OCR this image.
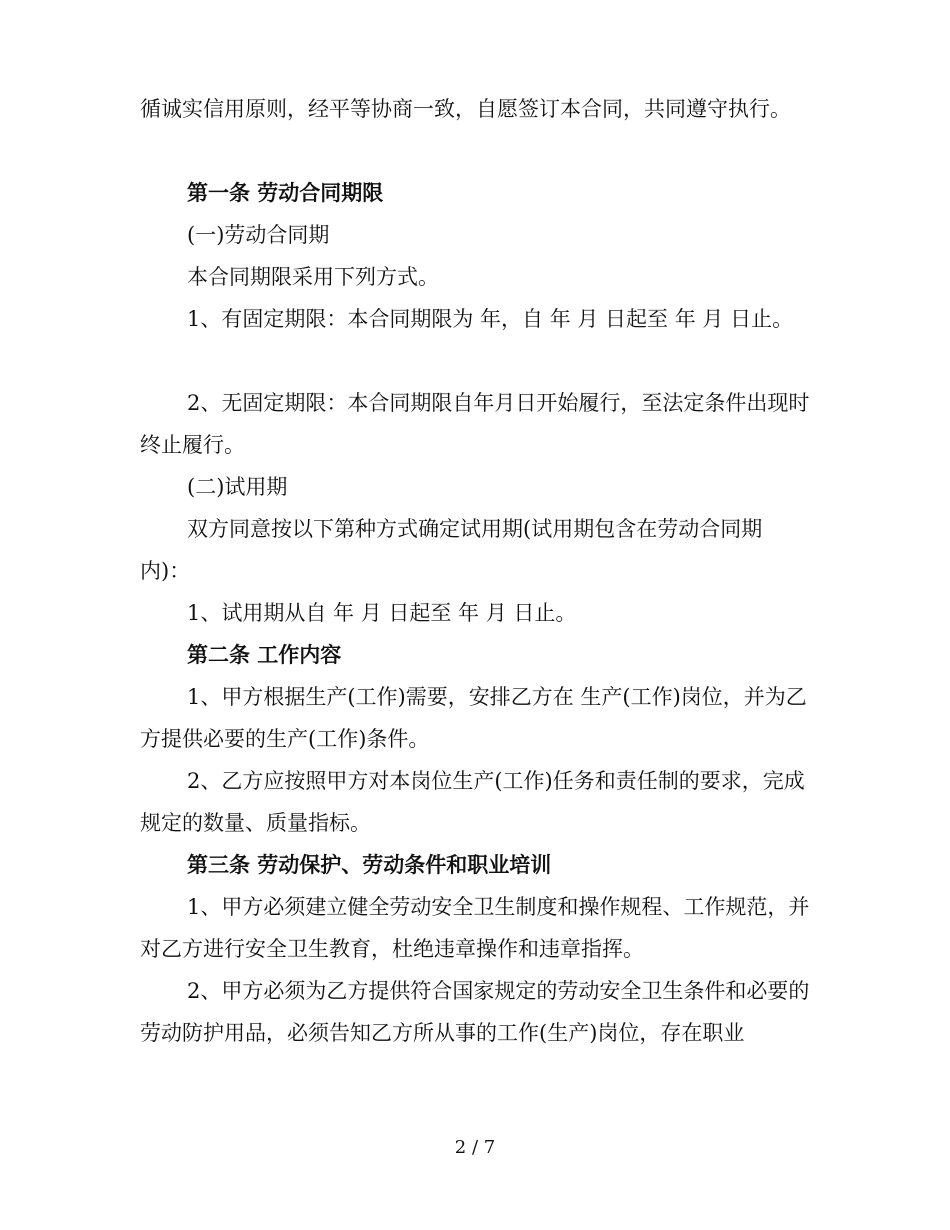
循诚实信用原则，经平等协商一致，自愿签订本合同，共同遵守执行。

第一条 劳动合同期限

(一)劳动合同期

本合同期限采用下列方式。

1、有固定期限：本合同期限为 年，自 年 月 日起至 年 月 日止。

2、无固定期限：本合同期限自年月日开始履行，至法定条件出现时终止履行。

(二)试用期

双方同意按以下第种方式确定试用期(试用期包含在劳动合同期内)：

1、试用期从自 年 月 日起至 年 月 日止。

第二条 工作内容

1、甲方根据生产(工作)需要，安排乙方在 生产(工作)岗位，并为乙方提供必要的生产(工作)条件。

2、乙方应按照甲方对本岗位生产(工作)任务和责任制的要求，完成规定的数量、质量指标。

第三条 劳动保护、劳动条件和职业培训

1、甲方必须建立健全劳动安全卫生制度和操作规程、工作规范，并对乙方进行安全卫生教育，杜绝违章操作和违章指挥。

2、甲方必须为乙方提供符合国家规定的劳动安全卫生条件和必要的劳动防护用品，必须告知乙方所从事的工作(生产)岗位，存在职业

2 / 7
